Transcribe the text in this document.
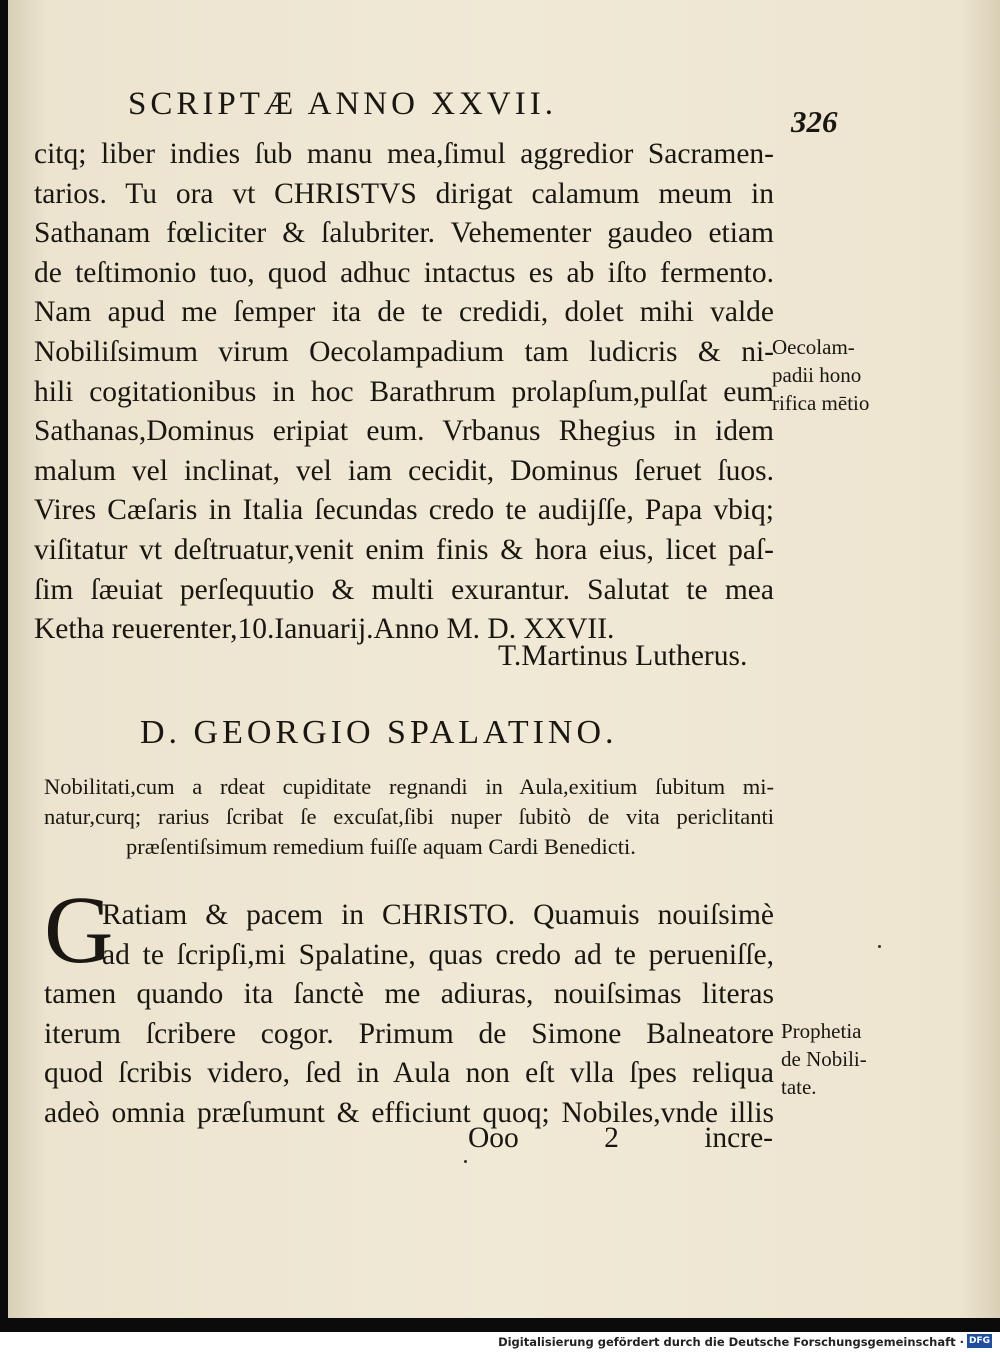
SCRIPTÆ ANNO XXVII.	326
citq; liber indies ſub manu mea,ſimul aggredior Sacramen-
tarios. Tu ora vt CHRISTVS dirigat calamum meum in
Sathanam fœliciter & ſalubriter. Vehementer gaudeo etiam
de teſtimonio tuo, quod adhuc intactus es ab iſto fermento.
Nam apud me ſemper ita de te credidi, dolet mihi valde
Nobiliſsimum virum Oecolampadium tam ludicris & ni-
hili cogitationibus in hoc Barathrum prolapſum,pulſat eum
Sathanas,Dominus eripiat eum. Vrbanus Rhegius in idem
malum vel inclinat, vel iam cecidit, Dominus ſeruet ſuos.
Vires Cæſaris in Italia ſecundas credo te audijſſe, Papa vbiq;
viſitatur vt deſtruatur,venit enim finis & hora eius, licet paſ-
ſim ſæuiat perſequutio & multi exurantur. Salutat te mea
Ketha reuerenter,10.Ianuarij.Anno M. D. XXVII.
T.Martinus Lutherus.
D. GEORGIO SPALATINO.
Nobilitati,cum a rdeat cupiditate regnandi in Aula,exitium ſubitum mi-
natur,curq; rarius ſcribat ſe excuſat,ſibi nuper ſubitò de vita periclitanti
præſentiſsimum remedium fuiſſe aquam Cardi Benedicti.
G
Ratiam & pacem in CHRISTO. Quamuis nouiſsimè
ad te ſcripſi,mi Spalatine, quas credo ad te perueniſſe,
tamen quando ita ſanctè me adiuras, nouiſsimas literas
iterum ſcribere cogor. Primum de Simone Balneatore
quod ſcribis videro, ſed in Aula non eſt vlla ſpes reliqua
adeò omnia præſumunt & efficiunt quoq; Nobiles,vnde illis
Ooo	2	incre-
Oecolam-
padii hono
rifica mētio
Prophetia
de Nobili-
tate.
Digitalisierung gefördert durch die Deutsche Forschungsgemeinschaft · DFG
